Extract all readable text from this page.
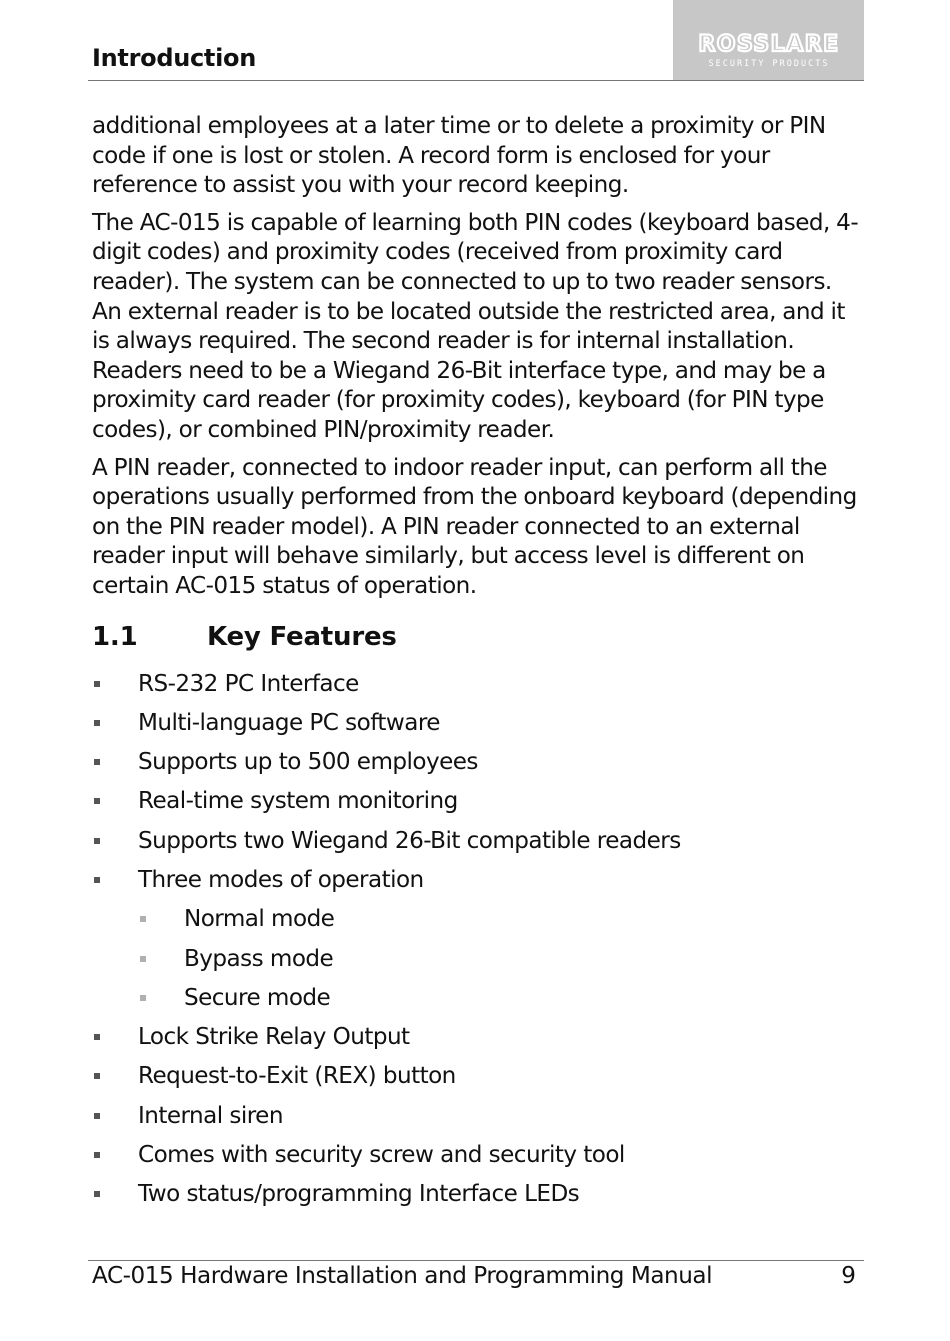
Introduction	ROSSLARE
SECURITY PRODUCTS

additional employees at a later time or to delete a proximity or PIN code if one is lost or stolen. A record form is enclosed for your reference to assist you with your record keeping.

The AC-015 is capable of learning both PIN codes (keyboard based, 4-digit codes) and proximity codes (received from proximity card reader). The system can be connected to up to two reader sensors. An external reader is to be located outside the restricted area, and it is always required. The second reader is for internal installation. Readers need to be a Wiegand 26-Bit interface type, and may be a proximity card reader (for proximity codes), keyboard (for PIN type codes), or combined PIN/proximity reader.

A PIN reader, connected to indoor reader input, can perform all the operations usually performed from the onboard keyboard (depending on the PIN reader model). A PIN reader connected to an external reader input will behave similarly, but access level is different on certain AC-015 status of operation.

1.1	Key Features
RS-232 PC Interface
Multi-language PC software
Supports up to 500 employees
Real-time system monitoring
Supports two Wiegand 26-Bit compatible readers
Three modes of operation
Normal mode
Bypass mode
Secure mode
Lock Strike Relay Output
Request-to-Exit (REX) button
Internal siren
Comes with security screw and security tool
Two status/programming Interface LEDs
AC-015 Hardware Installation and Programming Manual	9
